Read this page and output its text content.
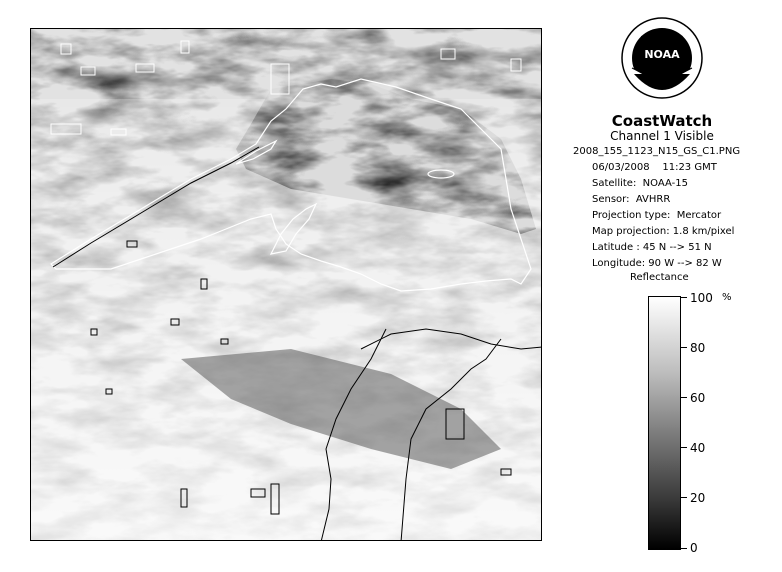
NOAA
CoastWatch
Channel 1 Visible
2008_155_1123_N15_GS_C1.PNG
06/03/2008    11:23 GMT
Satellite:  NOAA-15
Sensor:  AVHRR
Projection type:  Mercator
Map projection: 1.8 km/pixel
Latitude : 45 N --> 51 N
Longitude: 90 W --> 82 W
Reflectance
%
100
80
60
40
20
0
